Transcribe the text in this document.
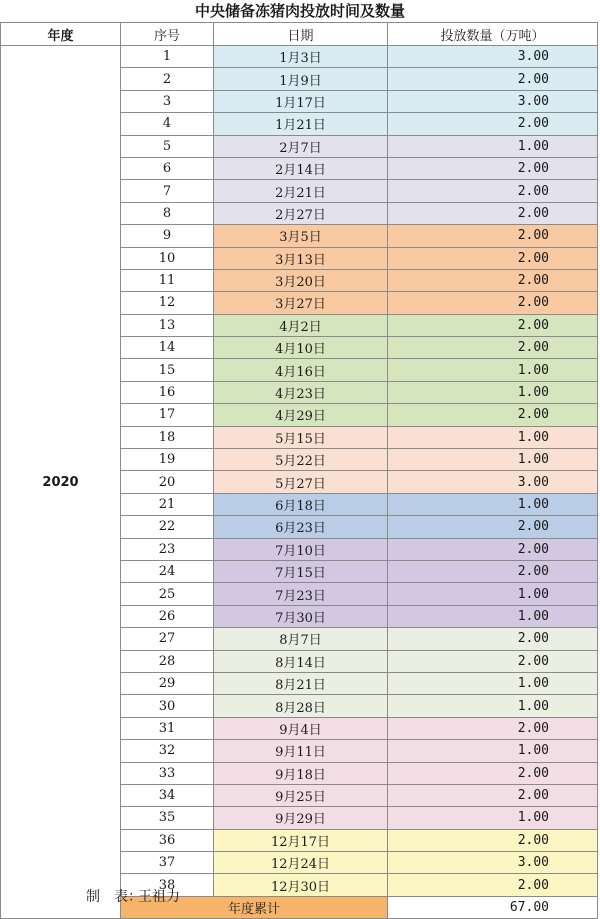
中央储备冻猪肉投放时间及数量
年度	序号	日期	投放数量（万吨）
2020	1	1月3日	3.00
	2	1月9日	2.00
	3	1月17日	3.00
	4	1月21日	2.00
	5	2月7日	1.00
	6	2月14日	2.00
	7	2月21日	2.00
	8	2月27日	2.00
	9	3月5日	2.00
	10	3月13日	2.00
	11	3月20日	2.00
	12	3月27日	2.00
	13	4月2日	2.00
	14	4月10日	2.00
	15	4月16日	1.00
	16	4月23日	1.00
	17	4月29日	2.00
	18	5月15日	1.00
	19	5月22日	1.00
	20	5月27日	3.00
	21	6月18日	1.00
	22	6月23日	2.00
	23	7月10日	2.00
	24	7月15日	2.00
	25	7月23日	1.00
	26	7月30日	1.00
	27	8月7日	2.00
	28	8月14日	2.00
	29	8月21日	1.00
	30	8月28日	1.00
	31	9月4日	2.00
	32	9月11日	1.00
	33	9月18日	2.00
	34	9月25日	2.00
	35	9月29日	1.00
	36	12月17日	2.00
	37	12月24日	3.00
	38	12月30日	2.00
	年度累计		67.00
制　表：
王祖力
